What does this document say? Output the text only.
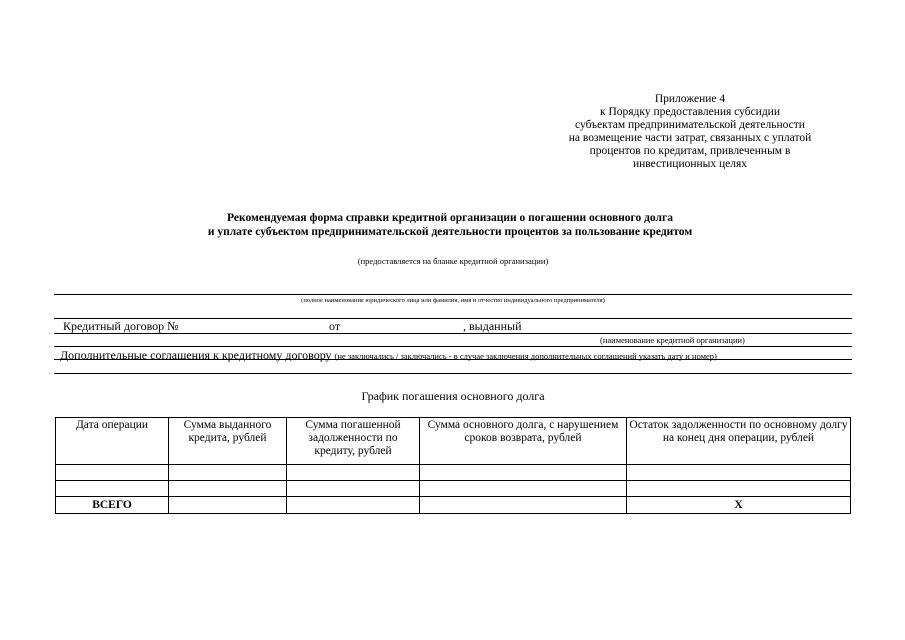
Приложение 4
к Порядку предоставления субсидии
субъектам предпринимательской деятельности
на возмещение части затрат, связанных с уплатой
процентов по кредитам, привлеченным в
инвестиционных целях
Рекомендуемая форма справки кредитной организации о погашении основного долга
и уплате субъектом предпринимательской деятельности процентов за пользование кредитом
(предоставляется на бланке кредитной организации)
(полное наименование юридического лица или фамилия, имя и отчество индивидуального предпринимателя)
Кредитный договор №	от	, выданный
(наименование кредитной организации)
Дополнительные соглашения к кредитному договору (не заключались / заключались - в случае заключения дополнительных соглашений указать дату и номер)
График погашения основного долга
Дата операции	Сумма выданного кредита, рублей	Сумма погашенной задолженности по кредиту, рублей	Сумма основного долга, с нарушением сроков возврата, рублей	Остаток задолженности по основному долгу на конец дня операции, рублей

ВСЕГО				Х
